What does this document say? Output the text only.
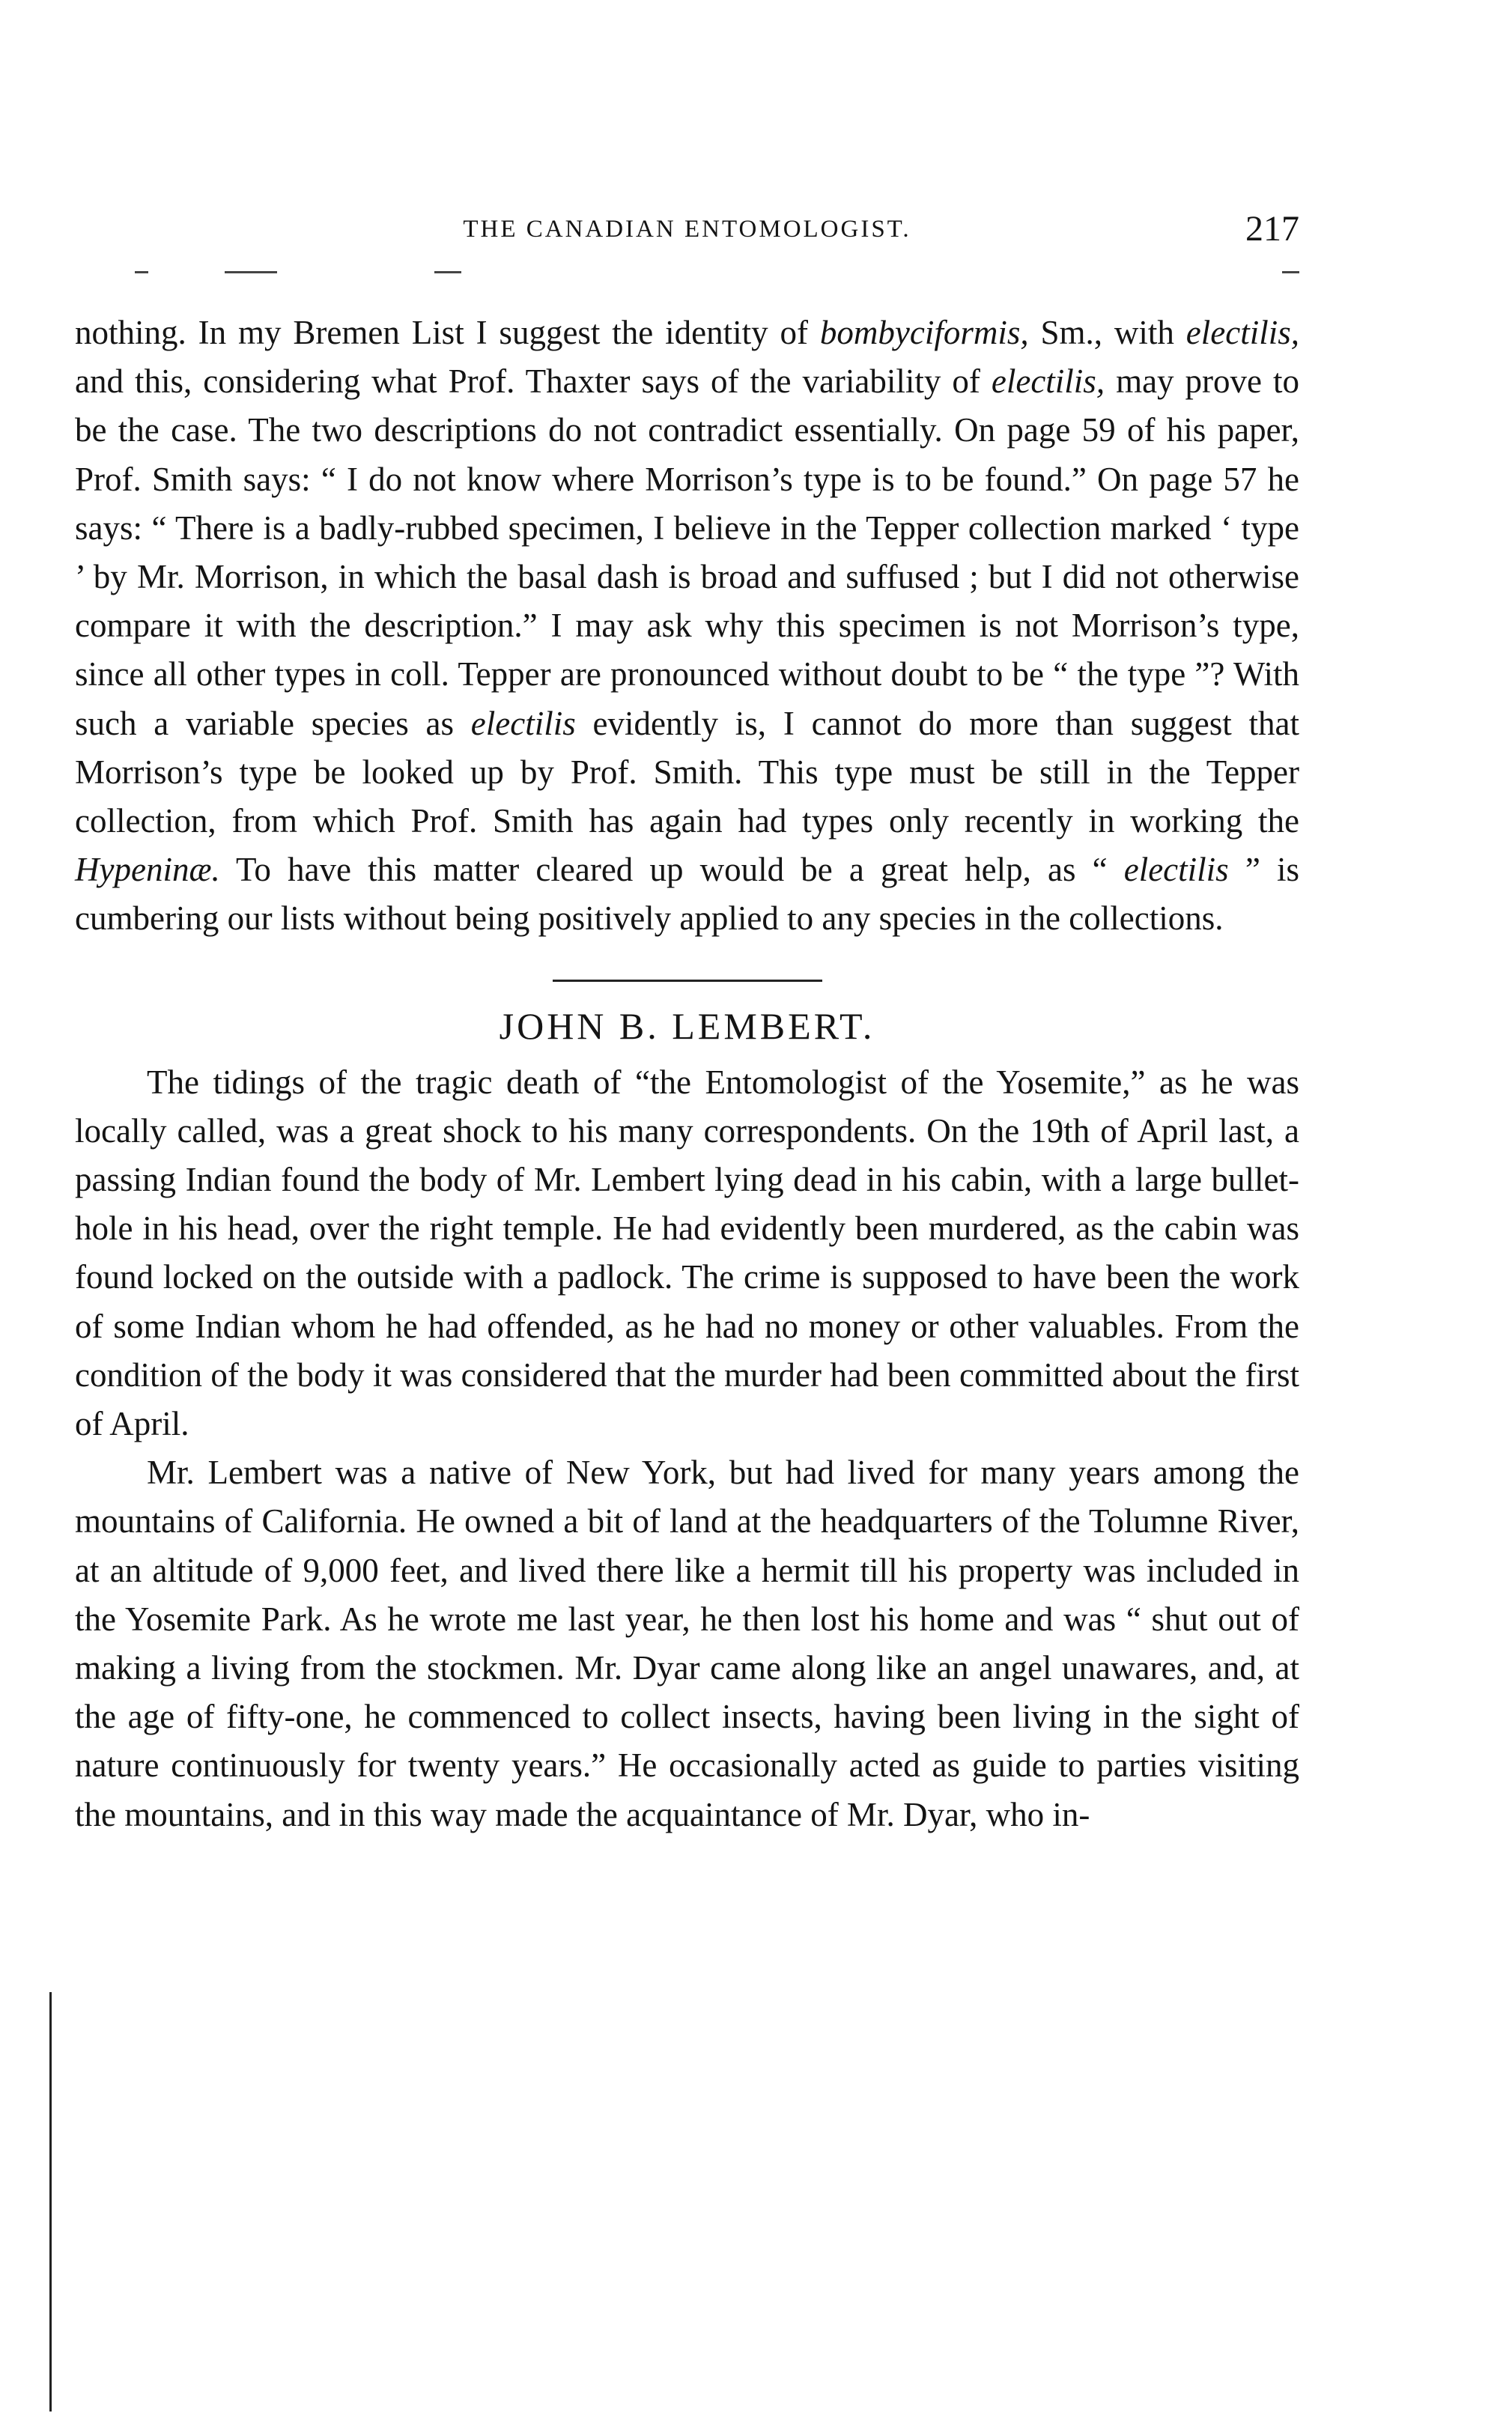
THE CANADIAN ENTOMOLOGIST.	217

nothing. In my Bremen List I suggest the identity of bombyciformis, Sm., with electilis, and this, considering what Prof. Thaxter says of the variability of electilis, may prove to be the case. The two descriptions do not contradict essentially. On page 59 of his paper, Prof. Smith says: “ I do not know where Morrison’s type is to be found.” On page 57 he says: “ There is a badly-rubbed specimen, I believe in the Tepper collection marked ‘ type ’ by Mr. Morrison, in which the basal dash is broad and suffused ; but I did not otherwise compare it with the description.” I may ask why this specimen is not Morrison’s type, since all other types in coll. Tepper are pronounced without doubt to be “ the type ”? With such a variable species as electilis evidently is, I cannot do more than suggest that Morrison’s type be looked up by Prof. Smith. This type must be still in the Tepper collection, from which Prof. Smith has again had types only recently in working the Hypeninæ. To have this matter cleared up would be a great help, as “ electilis ” is cumbering our lists without being positively applied to any species in the collections.

JOHN B. LEMBERT.

The tidings of the tragic death of “the Entomologist of the Yosemite,” as he was locally called, was a great shock to his many correspondents. On the 19th of April last, a passing Indian found the body of Mr. Lembert lying dead in his cabin, with a large bullet-hole in his head, over the right temple. He had evidently been murdered, as the cabin was found locked on the outside with a padlock. The crime is supposed to have been the work of some Indian whom he had offended, as he had no money or other valuables. From the condition of the body it was considered that the murder had been committed about the first of April.

Mr. Lembert was a native of New York, but had lived for many years among the mountains of California. He owned a bit of land at the headquarters of the Tolumne River, at an altitude of 9,000 feet, and lived there like a hermit till his property was included in the Yosemite Park. As he wrote me last year, he then lost his home and was “ shut out of making a living from the stockmen. Mr. Dyar came along like an angel unawares, and, at the age of fifty-one, he commenced to collect insects, having been living in the sight of nature continuously for twenty years.” He occasionally acted as guide to parties visiting the mountains, and in this way made the acquaintance of Mr. Dyar, who in-
